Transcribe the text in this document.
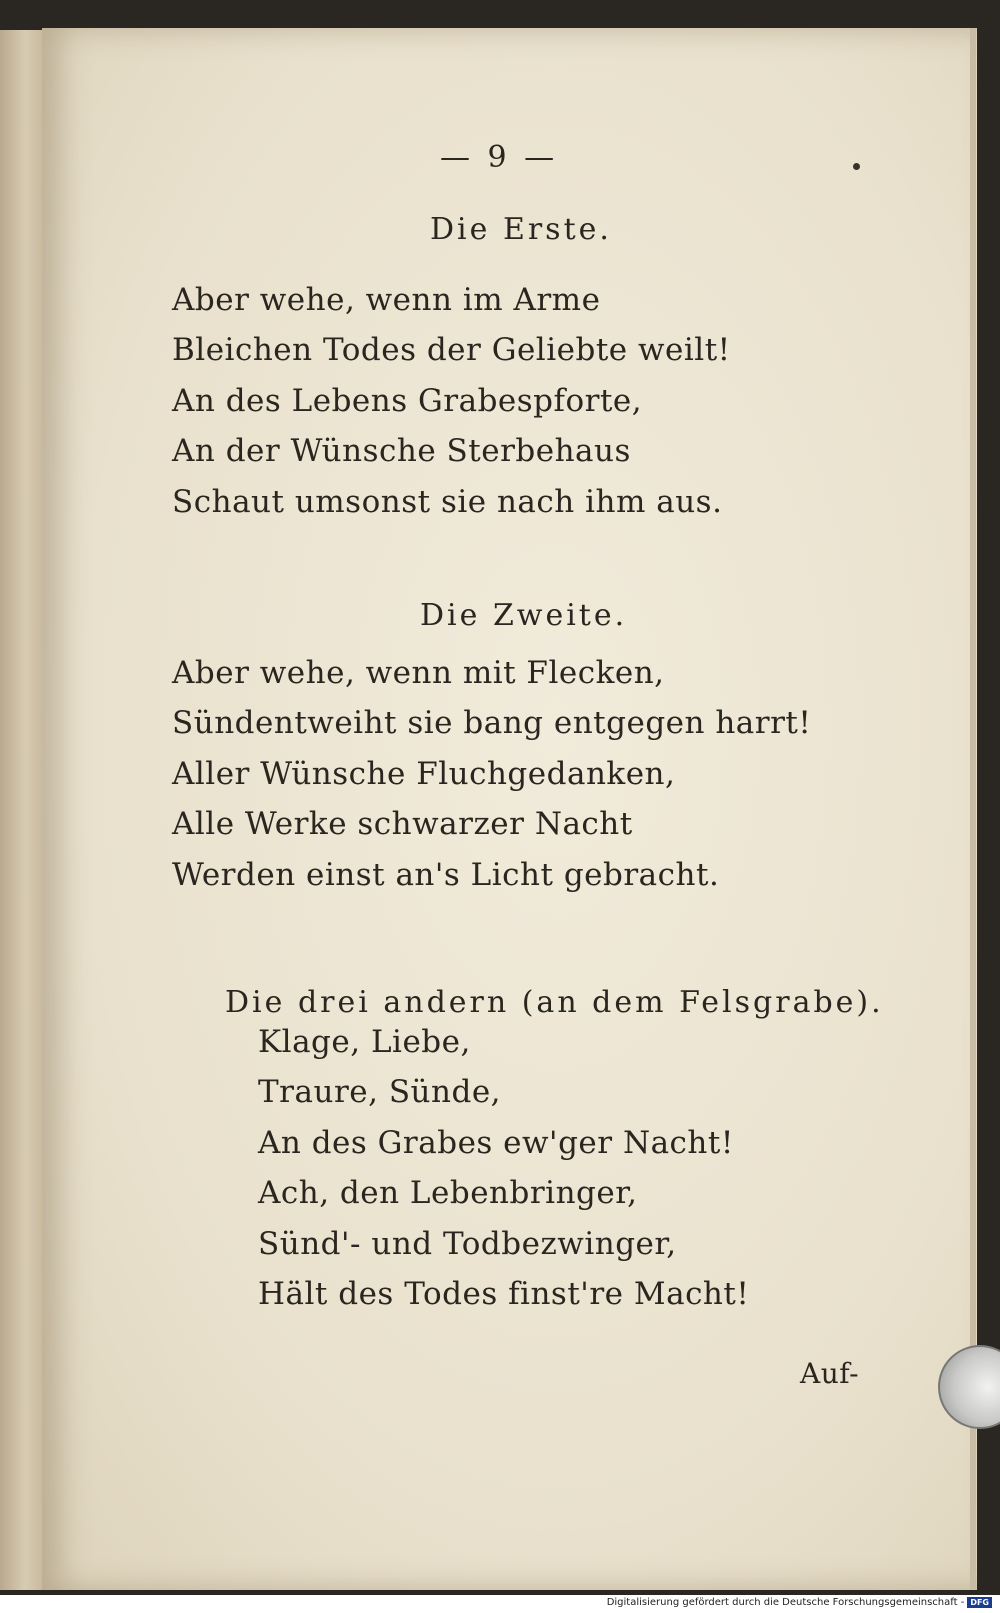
— 9 —
Die Erste.
Aber wehe, wenn im Arme
Bleichen Todes der Geliebte weilt!
An des Lebens Grabespforte,
An der Wünsche Sterbehaus
Schaut umsonst sie nach ihm aus.
Die Zweite.
Aber wehe, wenn mit Flecken,
Sündentweiht sie bang entgegen harrt!
Aller Wünsche Fluchgedanken,
Alle Werke schwarzer Nacht
Werden einst an's Licht gebracht.
Die drei andern (an dem Felsgrabe).
Klage, Liebe,
Traure, Sünde,
An des Grabes ew'ger Nacht!
Ach, den Lebenbringer,
Sünd'- und Todbezwinger,
Hält des Todes finst're Macht!
Auf-
Digitalisierung gefördert durch die Deutsche Forschungsgemeinschaft - DFG
